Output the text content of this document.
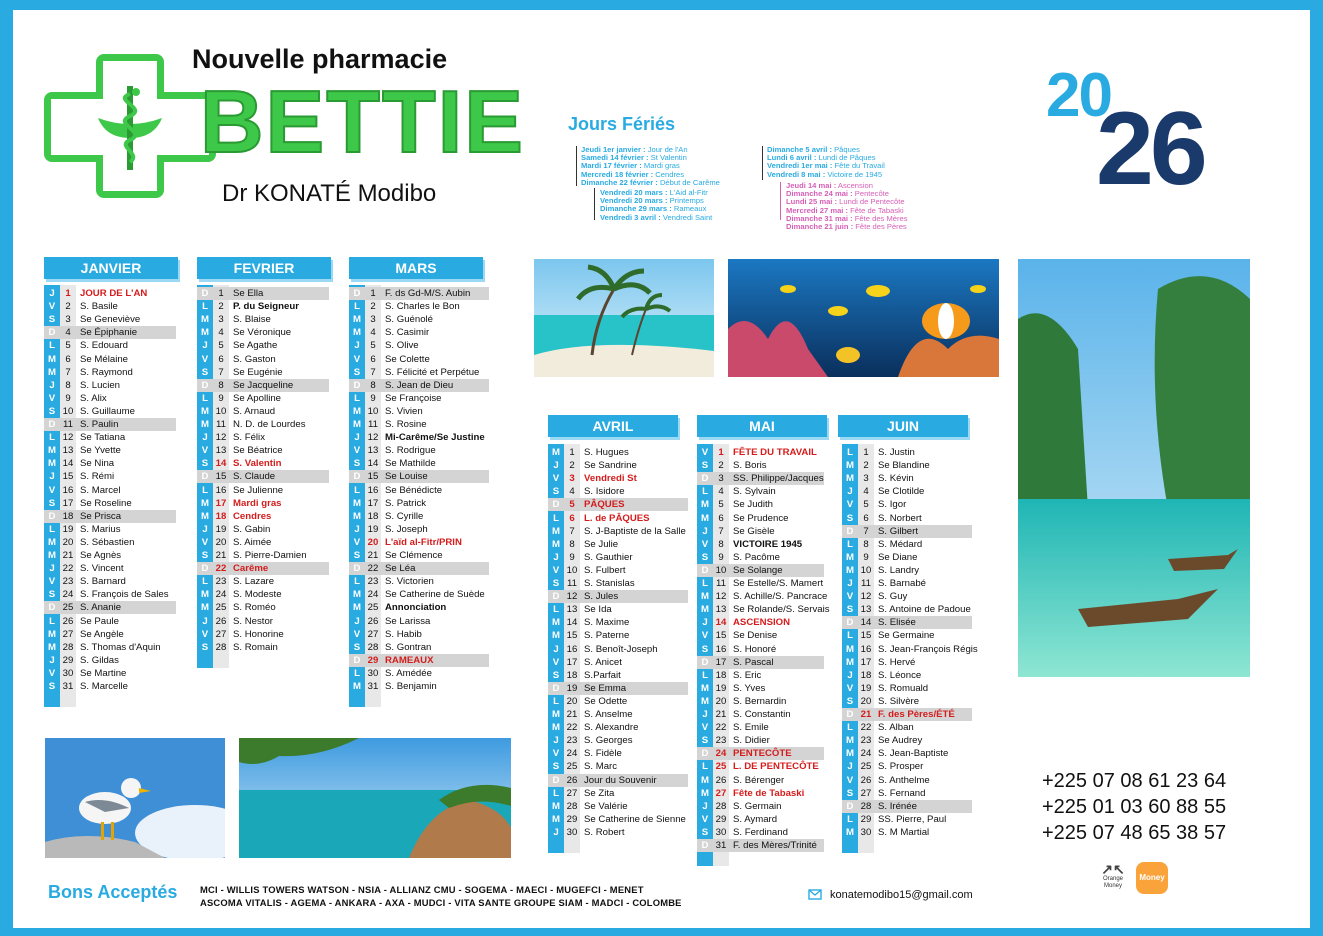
Nouvelle pharmacie
BETTIE
Dr KONATÉ Modibo
20
26
Jours Fériés
Jeudi 1er janvier : Jour de l'An
Samedi 14 février : St Valentin
Mardi 17 février : Mardi gras
Mercredi 18 février : Cendres
Dimanche 22 février : Début de Carême
Vendredi 20 mars : L'Aid al-Fitr
Vendredi 20 mars : Printemps
Dimanche 29 mars : Rameaux
Vendredi 3 avril : Vendredi Saint
Dimanche 5 avril : Pâques
Lundi 6 avril : Lundi de Pâques
Vendredi 1er mai : Fête du Travail
Vendredi 8 mai : Victoire de 1945
Jeudi 14 mai : Ascension
Dimanche 24 mai : Pentecôte
Lundi 25 mai : Lundi de Pentecôte
Mercredi 27 mai : Fête de Tabaski
Dimanche 31 mai : Fête des Mères
Dimanche 21 juin : Fête des Pères
JANVIER
J	1 JOUR DE L'AN
V	2 S. Basile
S	3 Se Geneviève
D	4 Se Épiphanie
L	5 S. Edouard
M 6 Se Mélaine
M 7 S. Raymond
J	8 S. Lucien
V	9 S. Alix
S 10 S. Guillaume
D 11 S. Paulin
L 12 Se Tatiana
M 13 Se Yvette
M 14 Se Nina
J 15 S. Rémi
V 16 S. Marcel
S 17 Se Roseline
D 18 Se Prisca
L 19 S. Marius
M 20 S. Sébastien
M 21 Se Agnès
J 22 S. Vincent
V 23 S. Barnard
S 24 S. François de Sales
D 25 S. Ananie
L 26 Se Paule
M 27 Se Angèle
M 28 S. Thomas d'Aquin
J 29 S. Gildas
V 30 Se Martine
S 31 S. Marcelle
FEVRIER
D	1 Se Ella
L	2 P. du Seigneur
M 3 S. Blaise
M 4 Se Véronique
J	5 Se Agathe
V	6 S. Gaston
S	7 Se Eugénie
D	8 Se Jacqueline
L	9 Se Apolline
M 10 S. Arnaud
M 11 N. D. de Lourdes
J 12 S. Félix
V 13 Se Béatrice
S 14 S. Valentin
D 15 S. Claude
L 16 Se Julienne
M 17 Mardi gras
M 18 Cendres
J 19 S. Gabin
V 20 S. Aimée
S 21 S. Pierre-Damien
D 22 Carême
L 23 S. Lazare
M 24 S. Modeste
M 25 S. Roméo
J 26 S. Nestor
V 27 S. Honorine
S 28 S. Romain
MARS
D	1 F. ds Gd-M/S. Aubin
L	2 S. Charles le Bon
M 3 S. Guénolé
M 4 S. Casimir
J	5 S. Olive
V	6 Se Colette
S	7 S. Félicité et Perpétue
D	8 S. Jean de Dieu
L	9 Se Françoise
M 10 S. Vivien
M 11 S. Rosine
J 12 Mi-Carême/Se Justine
V 13 S. Rodrigue
S 14 Se Mathilde
D 15 Se Louise
L 16 Se Bénédicte
M 17 S. Patrick
M 18 S. Cyrille
J 19 S. Joseph
V 20 L'aïd al-Fitr/PRIN
S 21 Se Clémence
D 22 Se Léa
L 23 S. Victorien
M 24 Se Catherine de Suède
M 25 Annonciation
J 26 Se Larissa
V 27 S. Habib
S 28 S. Gontran
D 29 RAMEAUX
L 30 S. Amédée
M 31 S. Benjamin
AVRIL
M 1 S. Hugues
J	2 Se Sandrine
V	3 Vendredi St
S	4 S. Isidore
D	5 PÂQUES
L	6 L. de PÂQUES
M 7 S. J-Baptiste de la Salle
M 8 Se Julie
J	9 S. Gauthier
V 10 S. Fulbert
S 11 S. Stanislas
D 12 S. Jules
L 13 Se Ida
M 14 S. Maxime
M 15 S. Paterne
J 16 S. Benoît-Joseph
V 17 S. Anicet
S 18 S.Parfait
D 19 Se Emma
L 20 Se Odette
M 21 S. Anselme
M 22 S. Alexandre
J 23 S. Georges
V 24 S. Fidèle
S 25 S. Marc
D 26 Jour du Souvenir
L 27 Se Zita
M 28 Se Valérie
M 29 Se Catherine de Sienne
J 30 S. Robert
MAI
V	1 FÊTE DU TRAVAIL
S	2 S. Boris
D	3 SS. Philippe/Jacques
L	4 S. Sylvain
M 5 Se Judith
M 6 Se Prudence
J	7 Se Gisèle
V	8 VICTOIRE 1945
S	9 S. Pacôme
D 10 Se Solange
L 11 Se Estelle/S. Mamert
M 12 S. Achille/S. Pancrace
M 13 Se Rolande/S. Servais
J 14 ASCENSION
V 15 Se Denise
S 16 S. Honoré
D 17 S. Pascal
L 18 S. Eric
M 19 S. Yves
M 20 S. Bernardin
J 21 S. Constantin
V 22 S. Emile
S 23 S. Didier
D 24 PENTECÔTE
L 25 L. DE PENTECÔTE
M 26 S. Bérenger
M 27 Fête de Tabaski
J 28 S. Germain
V 29 S. Aymard
S 30 S. Ferdinand
D 31 F. des Mères/Trinité
JUIN
L	1 S. Justin
M 2 Se Blandine
M 3 S. Kévin
J	4 Se Clotilde
V	5 S. Igor
S	6 S. Norbert
D	7 S. Gilbert
L	8 S. Médard
M 9 Se Diane
M 10 S. Landry
J 11 S. Barnabé
V 12 S. Guy
S 13 S. Antoine de Padoue
D 14 S. Elisée
L 15 Se Germaine
M 16 S. Jean-François Régis
M 17 S. Hervé
J 18 S. Léonce
V 19 S. Romuald
S 20 S. Silvère
D 21 F. des Pères/ÉTÉ
L 22 S. Alban
M 23 Se Audrey
M 24 S. Jean-Baptiste
J 25 S. Prosper
V 26 S. Anthelme
S 27 S. Fernand
D 28 S. Irénée
L 29 SS. Pierre, Paul
M 30 S. M Martial
+225 07 08 61 23 64
+225 01 03 60 88 55
+225 07 48 65 38 57
↗↖
Orange Money
Money
konatemodibo15@gmail.com
Bons Acceptés MCI - WILLIS TOWERS WATSON - NSIA - ALLIANZ CMU - SOGEMA - MAECI - MUGEFCI - MENET
ASCOMA VITALIS - AGEMA - ANKARA - AXA - MUDCI - VITA SANTE GROUPE SIAM - MADCI - COLOMBE
